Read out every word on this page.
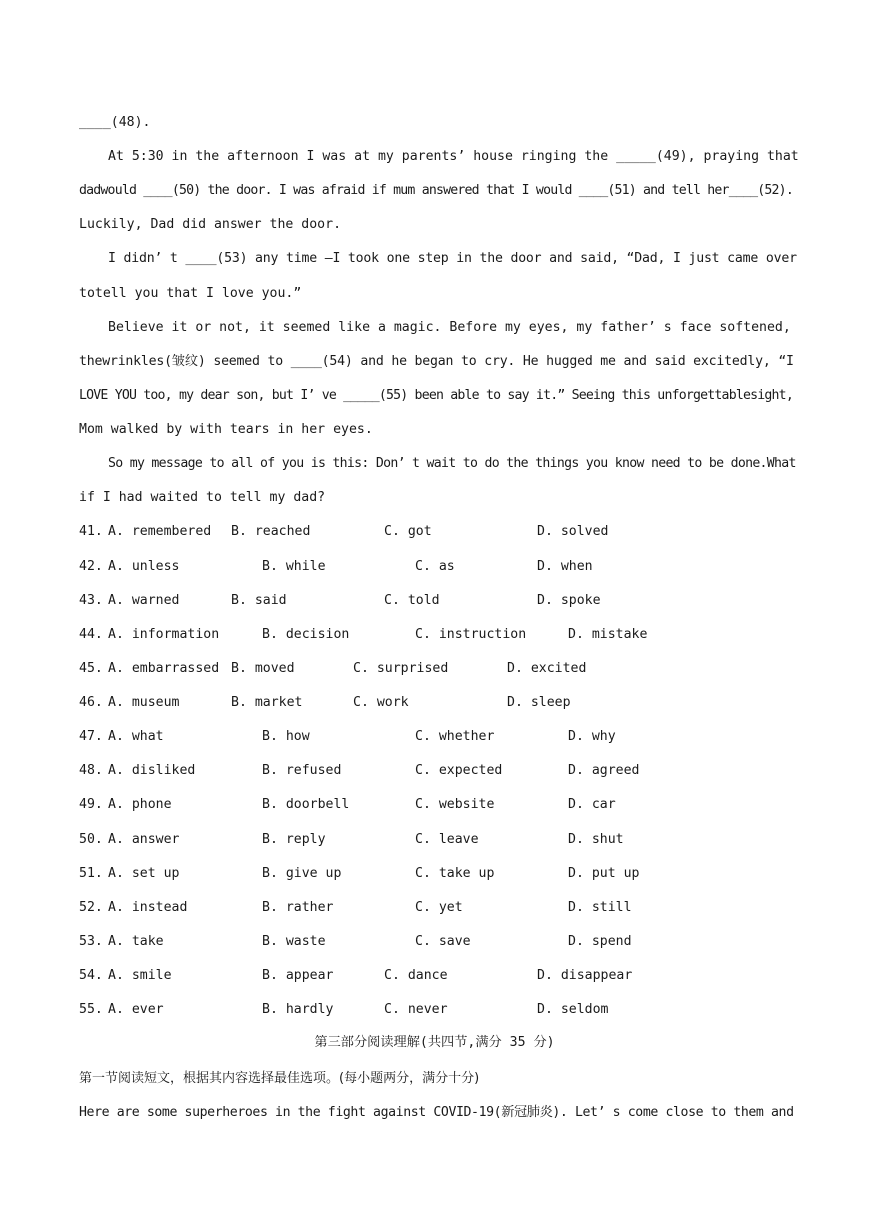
____(48).
At 5:30 in the afternoon I was at my parents’ house ringing the _____(49), praying that
dadwould ____(50) the door. I was afraid if mum answered that I would ____(51) and tell her____(52).
Luckily, Dad did answer the door.
I didn’ t ____(53) any time —I took one step in the door and said, “Dad, I just came over
totell you that I love you.”
Believe it or not, it seemed like a magic. Before my eyes, my father’ s face softened,
thewrinkles(皱纹) seemed to ____(54) and he began to cry. He hugged me and said excitedly, “I
LOVE YOU too, my dear son, but I’ ve _____(55) been able to say it.” Seeing this unforgettablesight,
Mom walked by with tears in her eyes.
So my message to all of you is this: Don’ t wait to do the things you know need to be done.What
if I had waited to tell my dad?
41. A. remembered B. reached	C. got	D. solved
42. A. unless	B. while	C. as	D. when
43. A. warned	B. said	C. told	D. spoke
44. A. information	B. decision	C. instruction	D. mistake
45. A. embarrassed B. moved	C. surprised	D. excited
46. A. museum	B. market	C. work	D. sleep
47. A. what	B. how	C. whether	D. why
48. A. disliked	B. refused	C. expected	D. agreed
49. A. phone	B. doorbell	C. website	D. car
50. A. answer	B. reply	C. leave	D. shut
51. A. set up	B. give up	C. take up	D. put up
52. A. instead	B. rather	C. yet	D. still
53. A. take	B. waste	C. save	D. spend
54. A. smile	B. appear	C. dance	D. disappear
55. A. ever	B. hardly	C. never	D. seldom
第三部分阅读理解(共四节,满分 35 分)
第一节阅读短文，根据其内容选择最佳选项。(每小题两分，满分十分)
Here are some superheroes in the fight against COVID-19(新冠肺炎). Let’ s come close to them and
